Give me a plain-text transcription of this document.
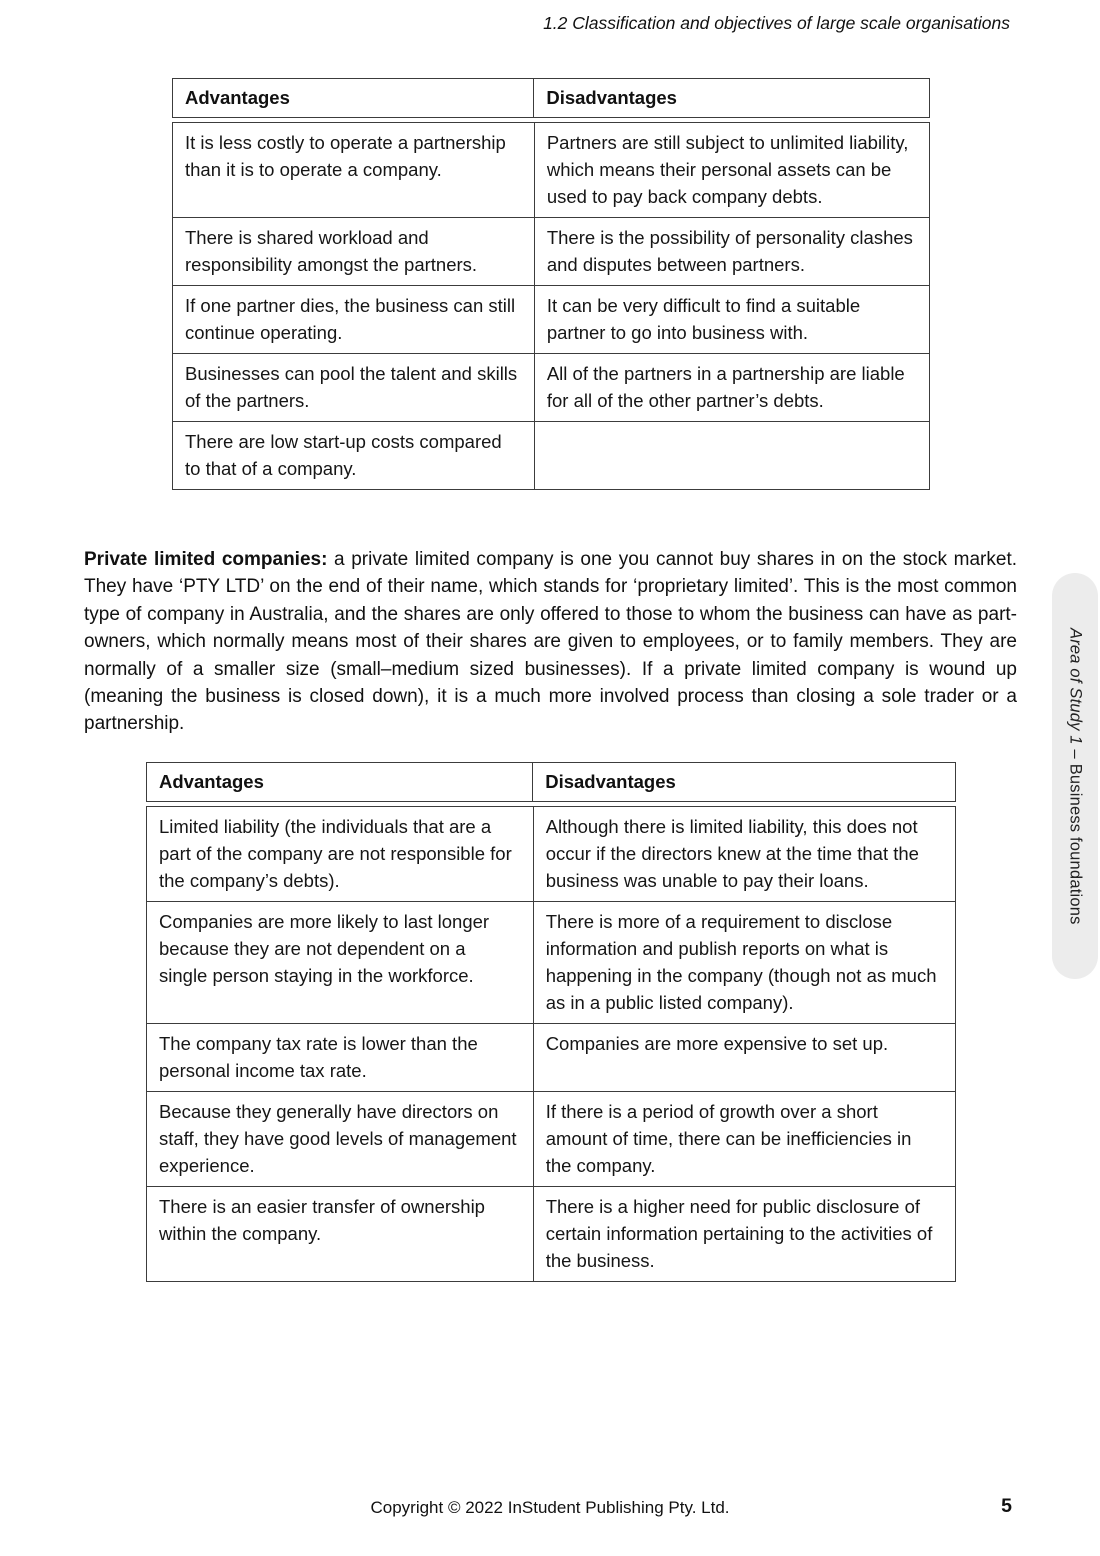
1.2 Classification and objectives of large scale organisations
Advantages	Disadvantages
It is less costly to operate a partnership than it is to operate a company.	Partners are still subject to unlimited liability, which means their personal assets can be used to pay back company debts.
There is shared workload and responsibility amongst the partners.	There is the possibility of personality clashes and disputes between partners.
If one partner dies, the business can still continue operating.	It can be very difficult to find a suitable partner to go into business with.
Businesses can pool the talent and skills of the partners.	All of the partners in a partnership are liable for all of the other partner’s debts.
There are low start-up costs compared to that of a company.	

Private limited companies: a private limited company is one you cannot buy shares in on the stock market. They have ‘PTY LTD’ on the end of their name, which stands for ‘proprietary limited’. This is the most common type of company in Australia, and the shares are only offered to those to whom the business can have as part-owners, which normally means most of their shares are given to employees, or to family members. They are normally of a smaller size (small–medium sized businesses). If a private limited company is wound up (meaning the business is closed down), it is a much more involved process than closing a sole trader or a partnership.

Advantages	Disadvantages
Limited liability (the individuals that are a part of the company are not responsible for the company’s debts).	Although there is limited liability, this does not occur if the directors knew at the time that the business was unable to pay their loans.
Companies are more likely to last longer because they are not dependent on a single person staying in the workforce.	There is more of a requirement to disclose information and publish reports on what is happening in the company (though not as much as in a public listed company).
The company tax rate is lower than the personal income tax rate.	Companies are more expensive to set up.
Because they generally have directors on staff, they have good levels of management experience.	If there is a period of growth over a short amount of time, there can be inefficiencies in the company.
There is an easier transfer of ownership within the company.	There is a higher need for public disclosure of certain information pertaining to the activities of the business.
Area of Study 1 – Business foundations
Copyright © 2022 InStudent Publishing Pty. Ltd.	5
